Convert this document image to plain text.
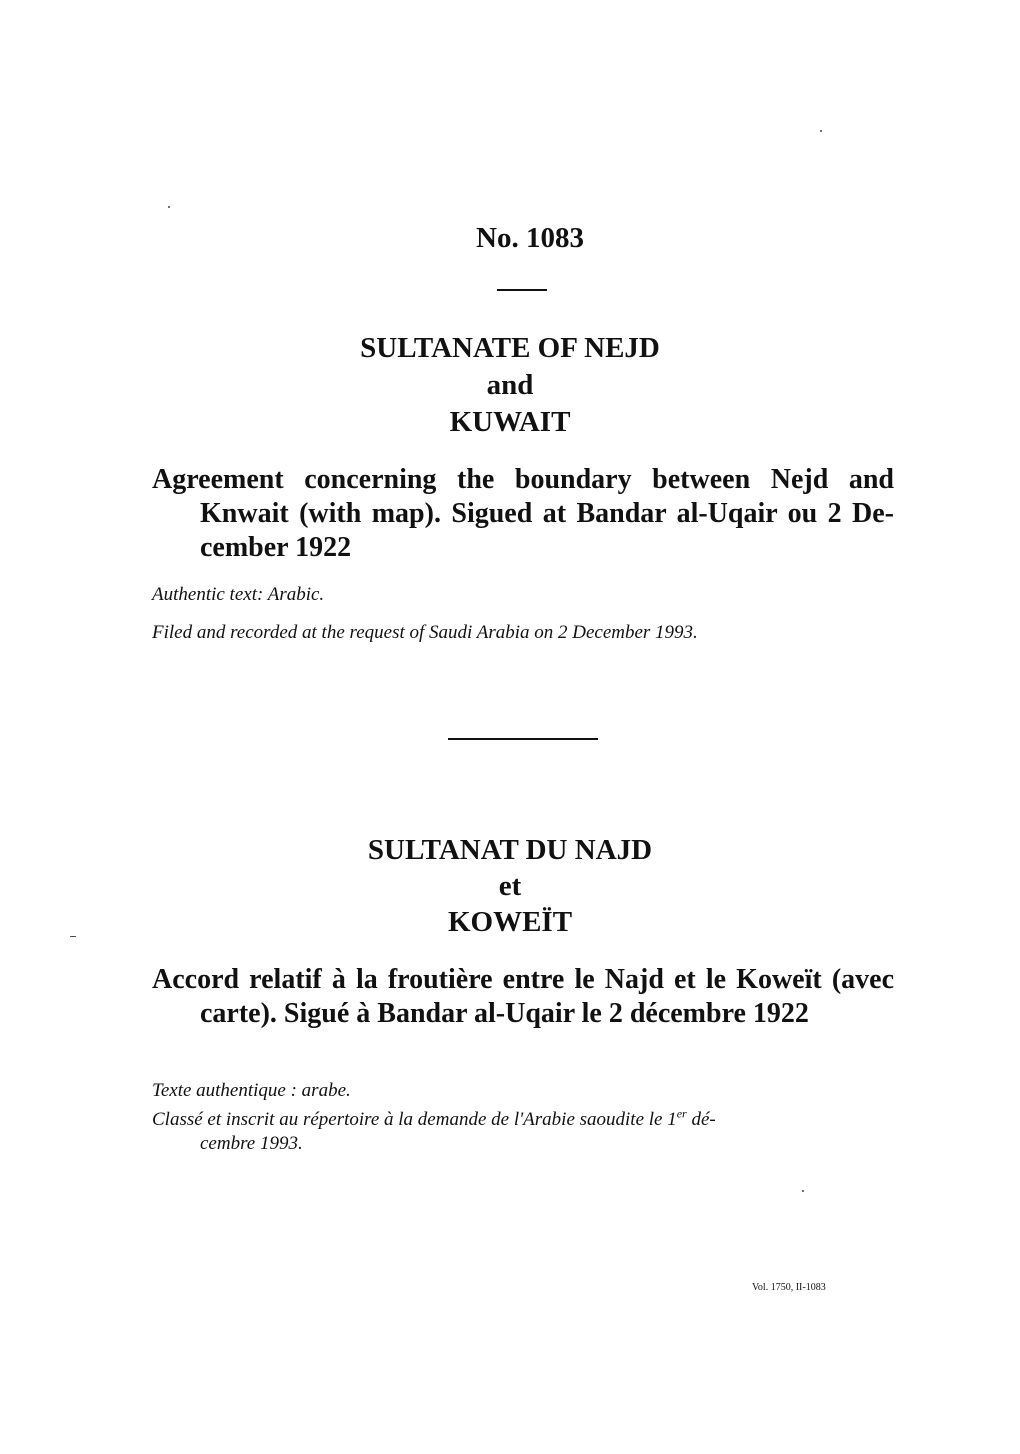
No. 1083
SULTANATE OF NEJD
and
KUWAIT
Agreement concerning the boundary between Nejd and
Knwait (with map). Sigued at Bandar al-Uqair ou 2 De-
cember 1922
Authentic text: Arabic.
Filed and recorded at the request of Saudi Arabia on 2 December 1993.
SULTANAT DU NAJD
et
KOWEÏT
Accord relatif à la froutière entre le Najd et le Koweït (avec
carte). Sigué à Bandar al-Uqair le 2 décembre 1922
Texte authentique : arabe.
Classé et inscrit au répertoire à la demande de l'Arabie saoudite le 1er dé-
cembre 1993.
Vol. 1750, II-1083
